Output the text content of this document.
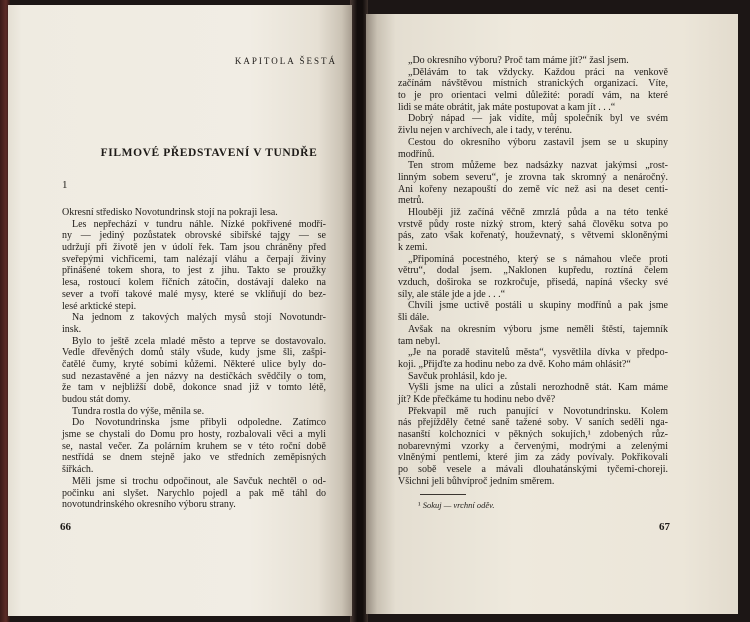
KAPITOLA ŠESTÁ
FILMOVÉ PŘEDSTAVENÍ V TUNDŘE
1
Okresní středisko Novotundrinsk stojí na pokraji lesa.
Les nepřechází v tundru náhle. Nízké pokřivené modří-
ny — jediný pozůstatek obrovské sibiřské tajgy — se
udržují při životě jen v údolí řek. Tam jsou chráněny před
sveřepými vichřicemi, tam nalézají vláhu a čerpají živiny
přinášené tokem shora, to jest z jihu. Takto se proužky
lesa, rostoucí kolem říčních zátočin, dostávají daleko na
sever a tvoří takové malé mysy, které se vklíňují do bez-
lesé arktické stepi.
Na jednom z takových malých mysů stojí Novotundr-
insk.
Bylo to ještě zcela mladé město a teprve se dostavovalo.
Vedle dřevěných domů stály všude, kudy jsme šli, zašpi-
čatělé čumy, kryté sobími kůžemi. Některé ulice byly do-
sud nezastavěné a jen názvy na destičkách svědčily o tom,
že tam v nejbližší době, dokonce snad již v tomto létě,
budou stát domy.
Tundra rostla do výše, měnila se.
Do Novotundrinska jsme přibyli odpoledne. Zatímco
jsme se chystali do Domu pro hosty, rozbalovali věci a myli
se, nastal večer. Za polárním kruhem se v této roční době
nestřídá se dnem stejně jako ve středních zeměpisných
šířkách.
Měli jsme si trochu odpočinout, ale Savčuk nechtěl o od-
počinku ani slyšet. Narychlo pojedl a pak mě táhl do
novotundrinského okresního výboru strany.
66
„Do okresního výboru? Proč tam máme jít?“ žasl jsem.
„Dělávám to tak vždycky. Každou práci na venkově
začínám návštěvou místních stranických organizací. Víte,
to je pro orientaci velmi důležité: poradí vám, na které
lidi se máte obrátit, jak máte postupovat a kam jít . . .“
Dobrý nápad — jak vidíte, můj společník byl ve svém
živlu nejen v archívech, ale i tady, v terénu.
Cestou do okresního výboru zastavil jsem se u skupiny
modřínů.
Ten strom můžeme bez nadsázky nazvat jakýmsi „rost-
linným sobem severu“, je zrovna tak skromný a nenáročný.
Ani kořeny nezapouští do země víc než asi na deset centi-
metrů.
Hlouběji již začíná věčně zmrzlá půda a na této tenké
vrstvě půdy roste nízký strom, který sahá člověku sotva po
pás, zato však kořenatý, houževnatý, s větvemi skloněnými
k zemi.
„Připomíná pocestného, který se s námahou vleče proti
větru“, dodal jsem. „Naklonen kupředu, roztíná čelem
vzduch, doširoka se rozkročuje, přisedá, napíná všecky své
síly, ale stále jde a jde . . .“
Chvíli jsme uctivě postáli u skupiny modřínů a pak jsme
šli dále.
Avšak na okresním výboru jsme neměli štěstí, tajemník
tam nebyl.
„Je na poradě stavitelů města“, vysvětlila dívka v předpo-
koji. „Přijďte za hodinu nebo za dvě. Koho mám ohlásit?“
Savčuk prohlásil, kdo je.
Vyšli jsme na ulici a zůstali nerozhodně stát. Kam máme
jít? Kde přečkáme tu hodinu nebo dvě?
Překvapil mě ruch panující v Novotundrinsku. Kolem
nás přejížděly četné saně tažené soby. V saních seděli nga-
nasanští kolchozníci v pěkných sokujích,¹ zdobených růz-
nobarevnými vzorky a červenými, modrými a zelenými
vlněnými pentlemi, které jim za zády povívaly. Pokřikovali
po sobě vesele a mávali dlouhatánskými tyčemi-choreji.
Všichni jeli bůhvíproč jedním směrem.
¹ Sokuj — vrchní oděv.
67
